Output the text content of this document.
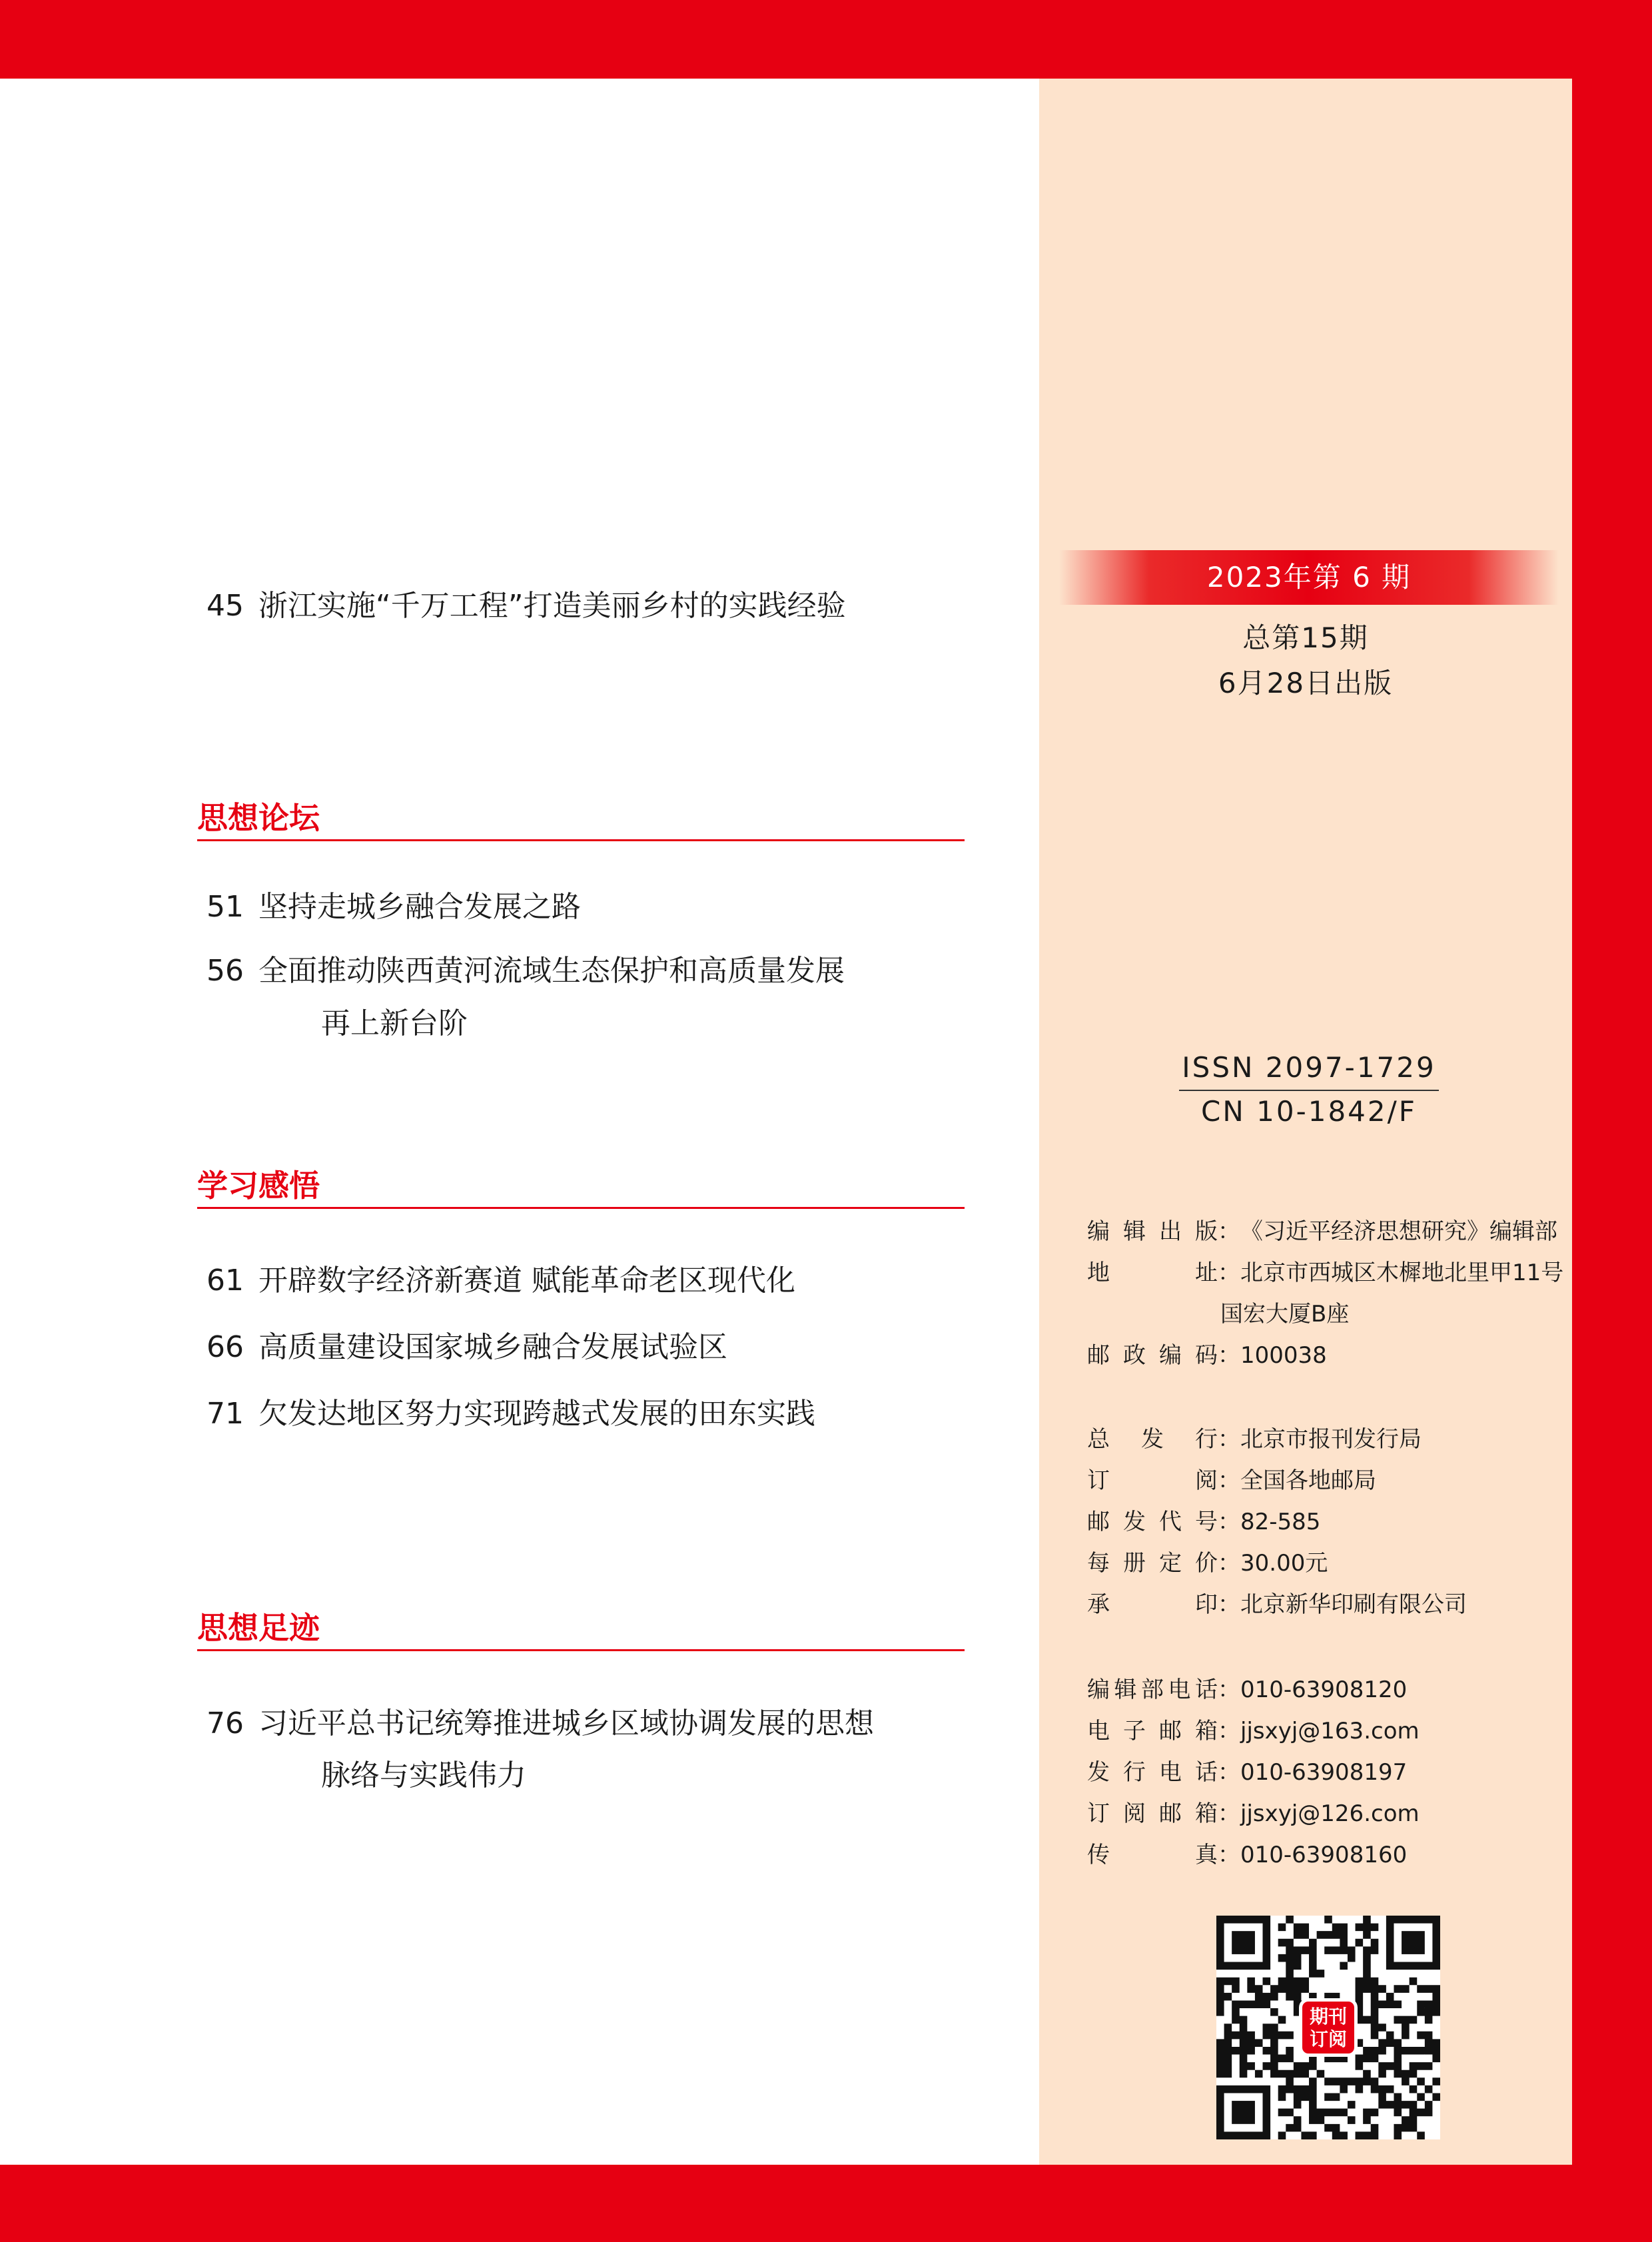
45 浙江实施“千万工程”打造美丽乡村的实践经验
思想论坛
51 坚持走城乡融合发展之路
56 全面推动陕西黄河流域生态保护和高质量发展
再上新台阶
学习感悟
61 开辟数字经济新赛道 赋能革命老区现代化
66 高质量建设国家城乡融合发展试验区
71 欠发达地区努力实现跨越式发展的田东实践
思想足迹
76 习近平总书记统筹推进城乡区域协调发展的思想
脉络与实践伟力
2023年第 6 期
总第15期
6月28日出版
ISSN 2097-1729
CN 10-1842/F
编辑出版：《习近平经济思想研究》编辑部
地址：北京市西城区木樨地北里甲11号
国宏大厦B座
邮政编码：100038
总发行：北京市报刊发行局
订阅：全国各地邮局
邮发代号：82-585
每册定价：30.00元
承印：北京新华印刷有限公司
编辑部电话：010-63908120
电子邮箱：jjsxyj@163.com
发行电话：010-63908197
订阅邮箱：jjsxyj@126.com
传真：010-63908160
期刊
订阅
